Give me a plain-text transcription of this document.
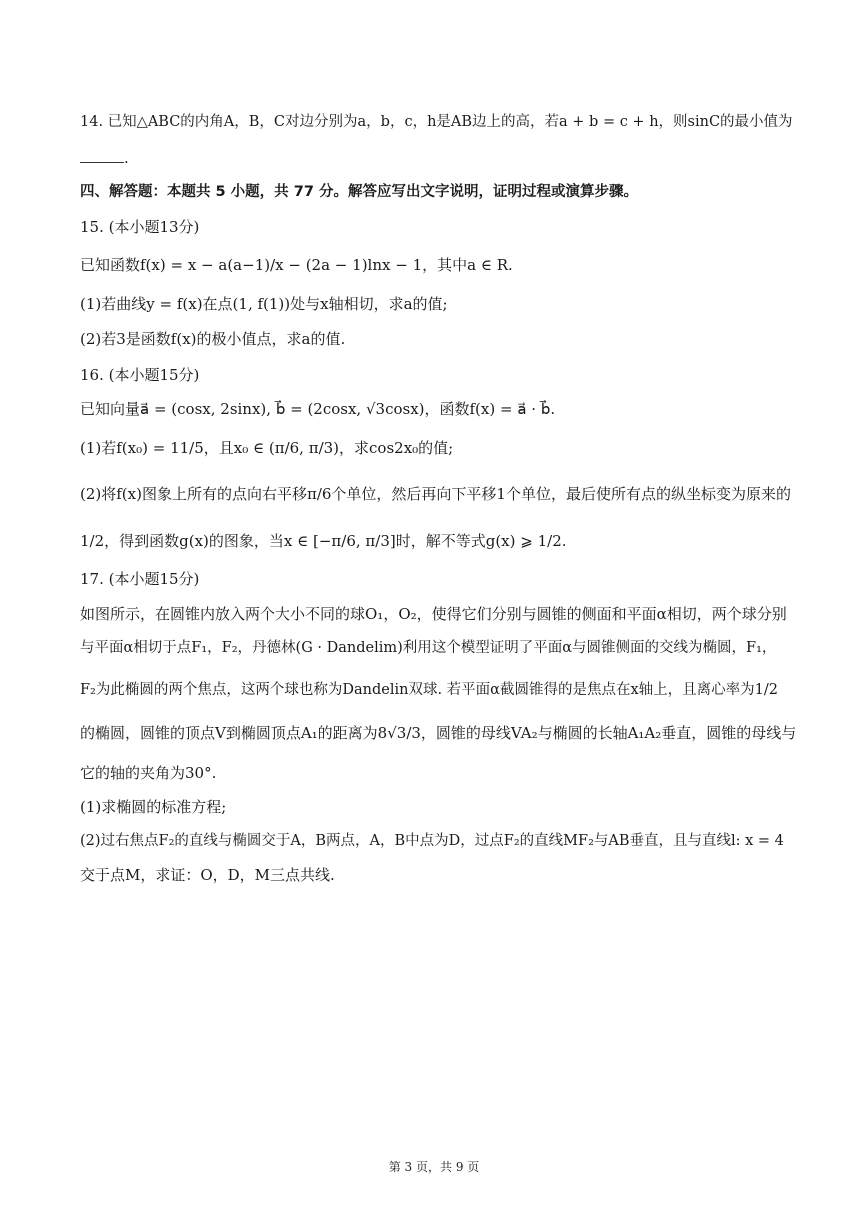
14. 已知△ABC的内角A，B，C对边分别为a，b，c，h是AB边上的高，若a + b = c + h，则sinC的最小值为
.
四、解答题：本题共 5 小题，共 77 分。解答应写出文字说明，证明过程或演算步骤。
15. (本小题13分)
已知函数f(x) = x − a(a−1)/x − (2a − 1)lnx − 1，其中a ∈ R.
(1)若曲线y = f(x)在点(1, f(1))处与x轴相切，求a的值;
(2)若3是函数f(x)的极小值点，求a的值.
16. (本小题15分)
已知向量a⃗ = (cosx, 2sinx), b⃗ = (2cosx, √3cosx)，函数f(x) = a⃗ · b⃗.
(1)若f(x₀) = 11/5，且x₀ ∈ (π/6, π/3)，求cos2x₀的值;
(2)将f(x)图象上所有的点向右平移π/6个单位，然后再向下平移1个单位，最后使所有点的纵坐标变为原来的
1/2，得到函数g(x)的图象，当x ∈ [−π/6, π/3]时，解不等式g(x) ⩾ 1/2.
17. (本小题15分)
如图所示，在圆锥内放入两个大小不同的球O₁，O₂，使得它们分别与圆锥的侧面和平面α相切，两个球分别
与平面α相切于点F₁，F₂，丹德林(G · Dandelim)利用这个模型证明了平面α与圆锥侧面的交线为椭圆，F₁，
F₂为此椭圆的两个焦点，这两个球也称为Dandelin双球. 若平面α截圆锥得的是焦点在x轴上，且离心率为1/2
的椭圆，圆锥的顶点V到椭圆顶点A₁的距离为8√3/3，圆锥的母线VA₂与椭圆的长轴A₁A₂垂直，圆锥的母线与
它的轴的夹角为30°.
(1)求椭圆的标准方程;
(2)过右焦点F₂的直线与椭圆交于A，B两点，A，B中点为D，过点F₂的直线MF₂与AB垂直，且与直线l: x = 4
交于点M，求证：O，D，M三点共线.
第 3 页，共 9 页
